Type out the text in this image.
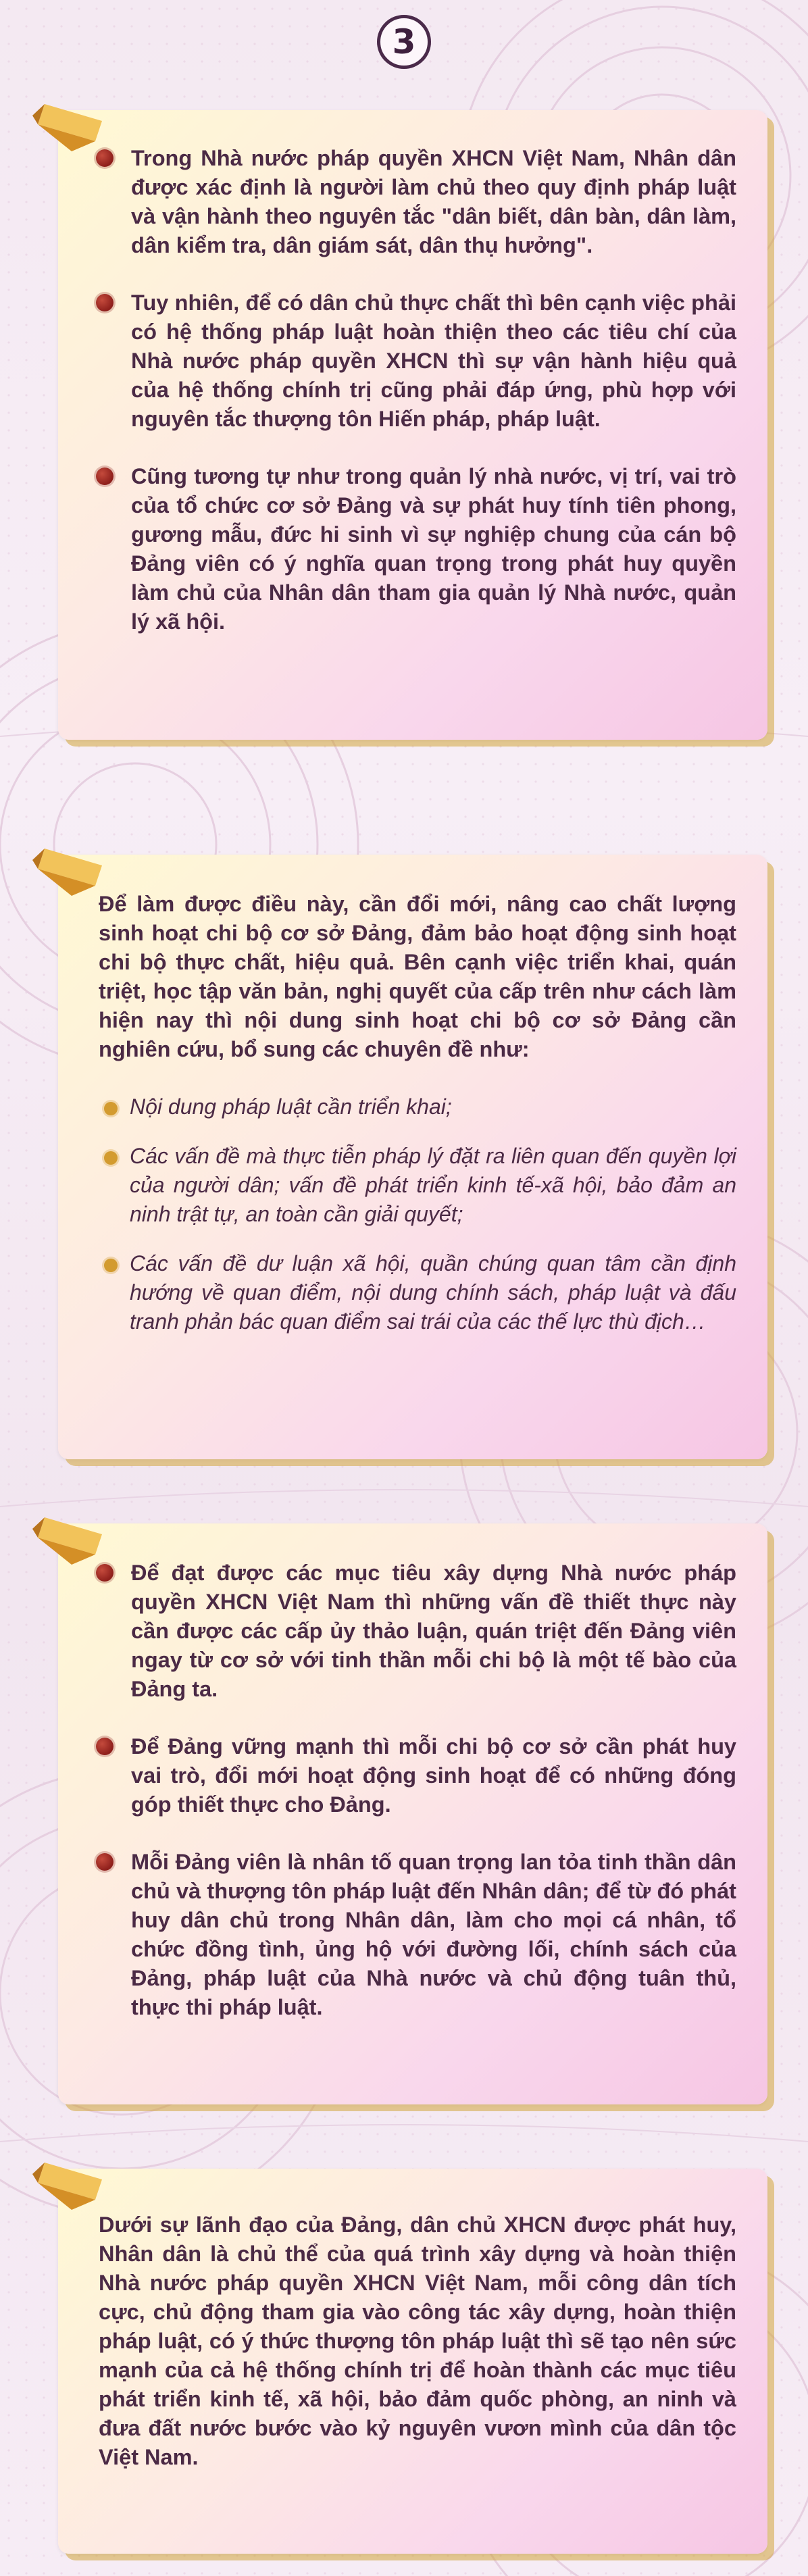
3

Trong Nhà nước pháp quyền XHCN Việt Nam, Nhân dân được xác định là người làm chủ theo quy định pháp luật và vận hành theo nguyên tắc "dân biết, dân bàn, dân làm, dân kiểm tra, dân giám sát, dân thụ hưởng".

Tuy nhiên, để có dân chủ thực chất thì bên cạnh việc phải có hệ thống pháp luật hoàn thiện theo các tiêu chí của Nhà nước pháp quyền XHCN thì sự vận hành hiệu quả của hệ thống chính trị cũng phải đáp ứng, phù hợp với nguyên tắc thượng tôn Hiến pháp, pháp luật.

Cũng tương tự như trong quản lý nhà nước, vị trí, vai trò của tổ chức cơ sở Đảng và sự phát huy tính tiên phong, gương mẫu, đức hi sinh vì sự nghiệp chung của cán bộ Đảng viên có ý nghĩa quan trọng trong phát huy quyền làm chủ của Nhân dân tham gia quản lý Nhà nước, quản lý xã hội.

Để làm được điều này, cần đổi mới, nâng cao chất lượng sinh hoạt chi bộ cơ sở Đảng, đảm bảo hoạt động sinh hoạt chi bộ thực chất, hiệu quả. Bên cạnh việc triển khai, quán triệt, học tập văn bản, nghị quyết của cấp trên như cách làm hiện nay thì nội dung sinh hoạt chi bộ cơ sở Đảng cần nghiên cứu, bổ sung các chuyên đề như:

Nội dung pháp luật cần triển khai;

Các vấn đề mà thực tiễn pháp lý đặt ra liên quan đến quyền lợi của người dân; vấn đề phát triển kinh tế-xã hội, bảo đảm an ninh trật tự, an toàn cần giải quyết;

Các vấn đề dư luận xã hội, quần chúng quan tâm cần định hướng về quan điểm, nội dung chính sách, pháp luật và đấu tranh phản bác quan điểm sai trái của các thế lực thù địch…

Để đạt được các mục tiêu xây dựng Nhà nước pháp quyền XHCN Việt Nam thì những vấn đề thiết thực này cần được các cấp ủy thảo luận, quán triệt đến Đảng viên ngay từ cơ sở với tinh thần mỗi chi bộ là một tế bào của Đảng ta.

Để Đảng vững mạnh thì mỗi chi bộ cơ sở cần phát huy vai trò, đổi mới hoạt động sinh hoạt để có những đóng góp thiết thực cho Đảng.

Mỗi Đảng viên là nhân tố quan trọng lan tỏa tinh thần dân chủ và thượng tôn pháp luật đến Nhân dân; để từ đó phát huy dân chủ trong Nhân dân, làm cho mọi cá nhân, tổ chức đồng tình, ủng hộ với đường lối, chính sách của Đảng, pháp luật của Nhà nước và chủ động tuân thủ, thực thi pháp luật.

Dưới sự lãnh đạo của Đảng, dân chủ XHCN được phát huy, Nhân dân là chủ thể của quá trình xây dựng và hoàn thiện Nhà nước pháp quyền XHCN Việt Nam, mỗi công dân tích cực, chủ động tham gia vào công tác xây dựng, hoàn thiện pháp luật, có ý thức thượng tôn pháp luật thì sẽ tạo nên sức mạnh của cả hệ thống chính trị để hoàn thành các mục tiêu phát triển kinh tế, xã hội, bảo đảm quốc phòng, an ninh và đưa đất nước bước vào kỷ nguyên vươn mình của dân tộc Việt Nam.
